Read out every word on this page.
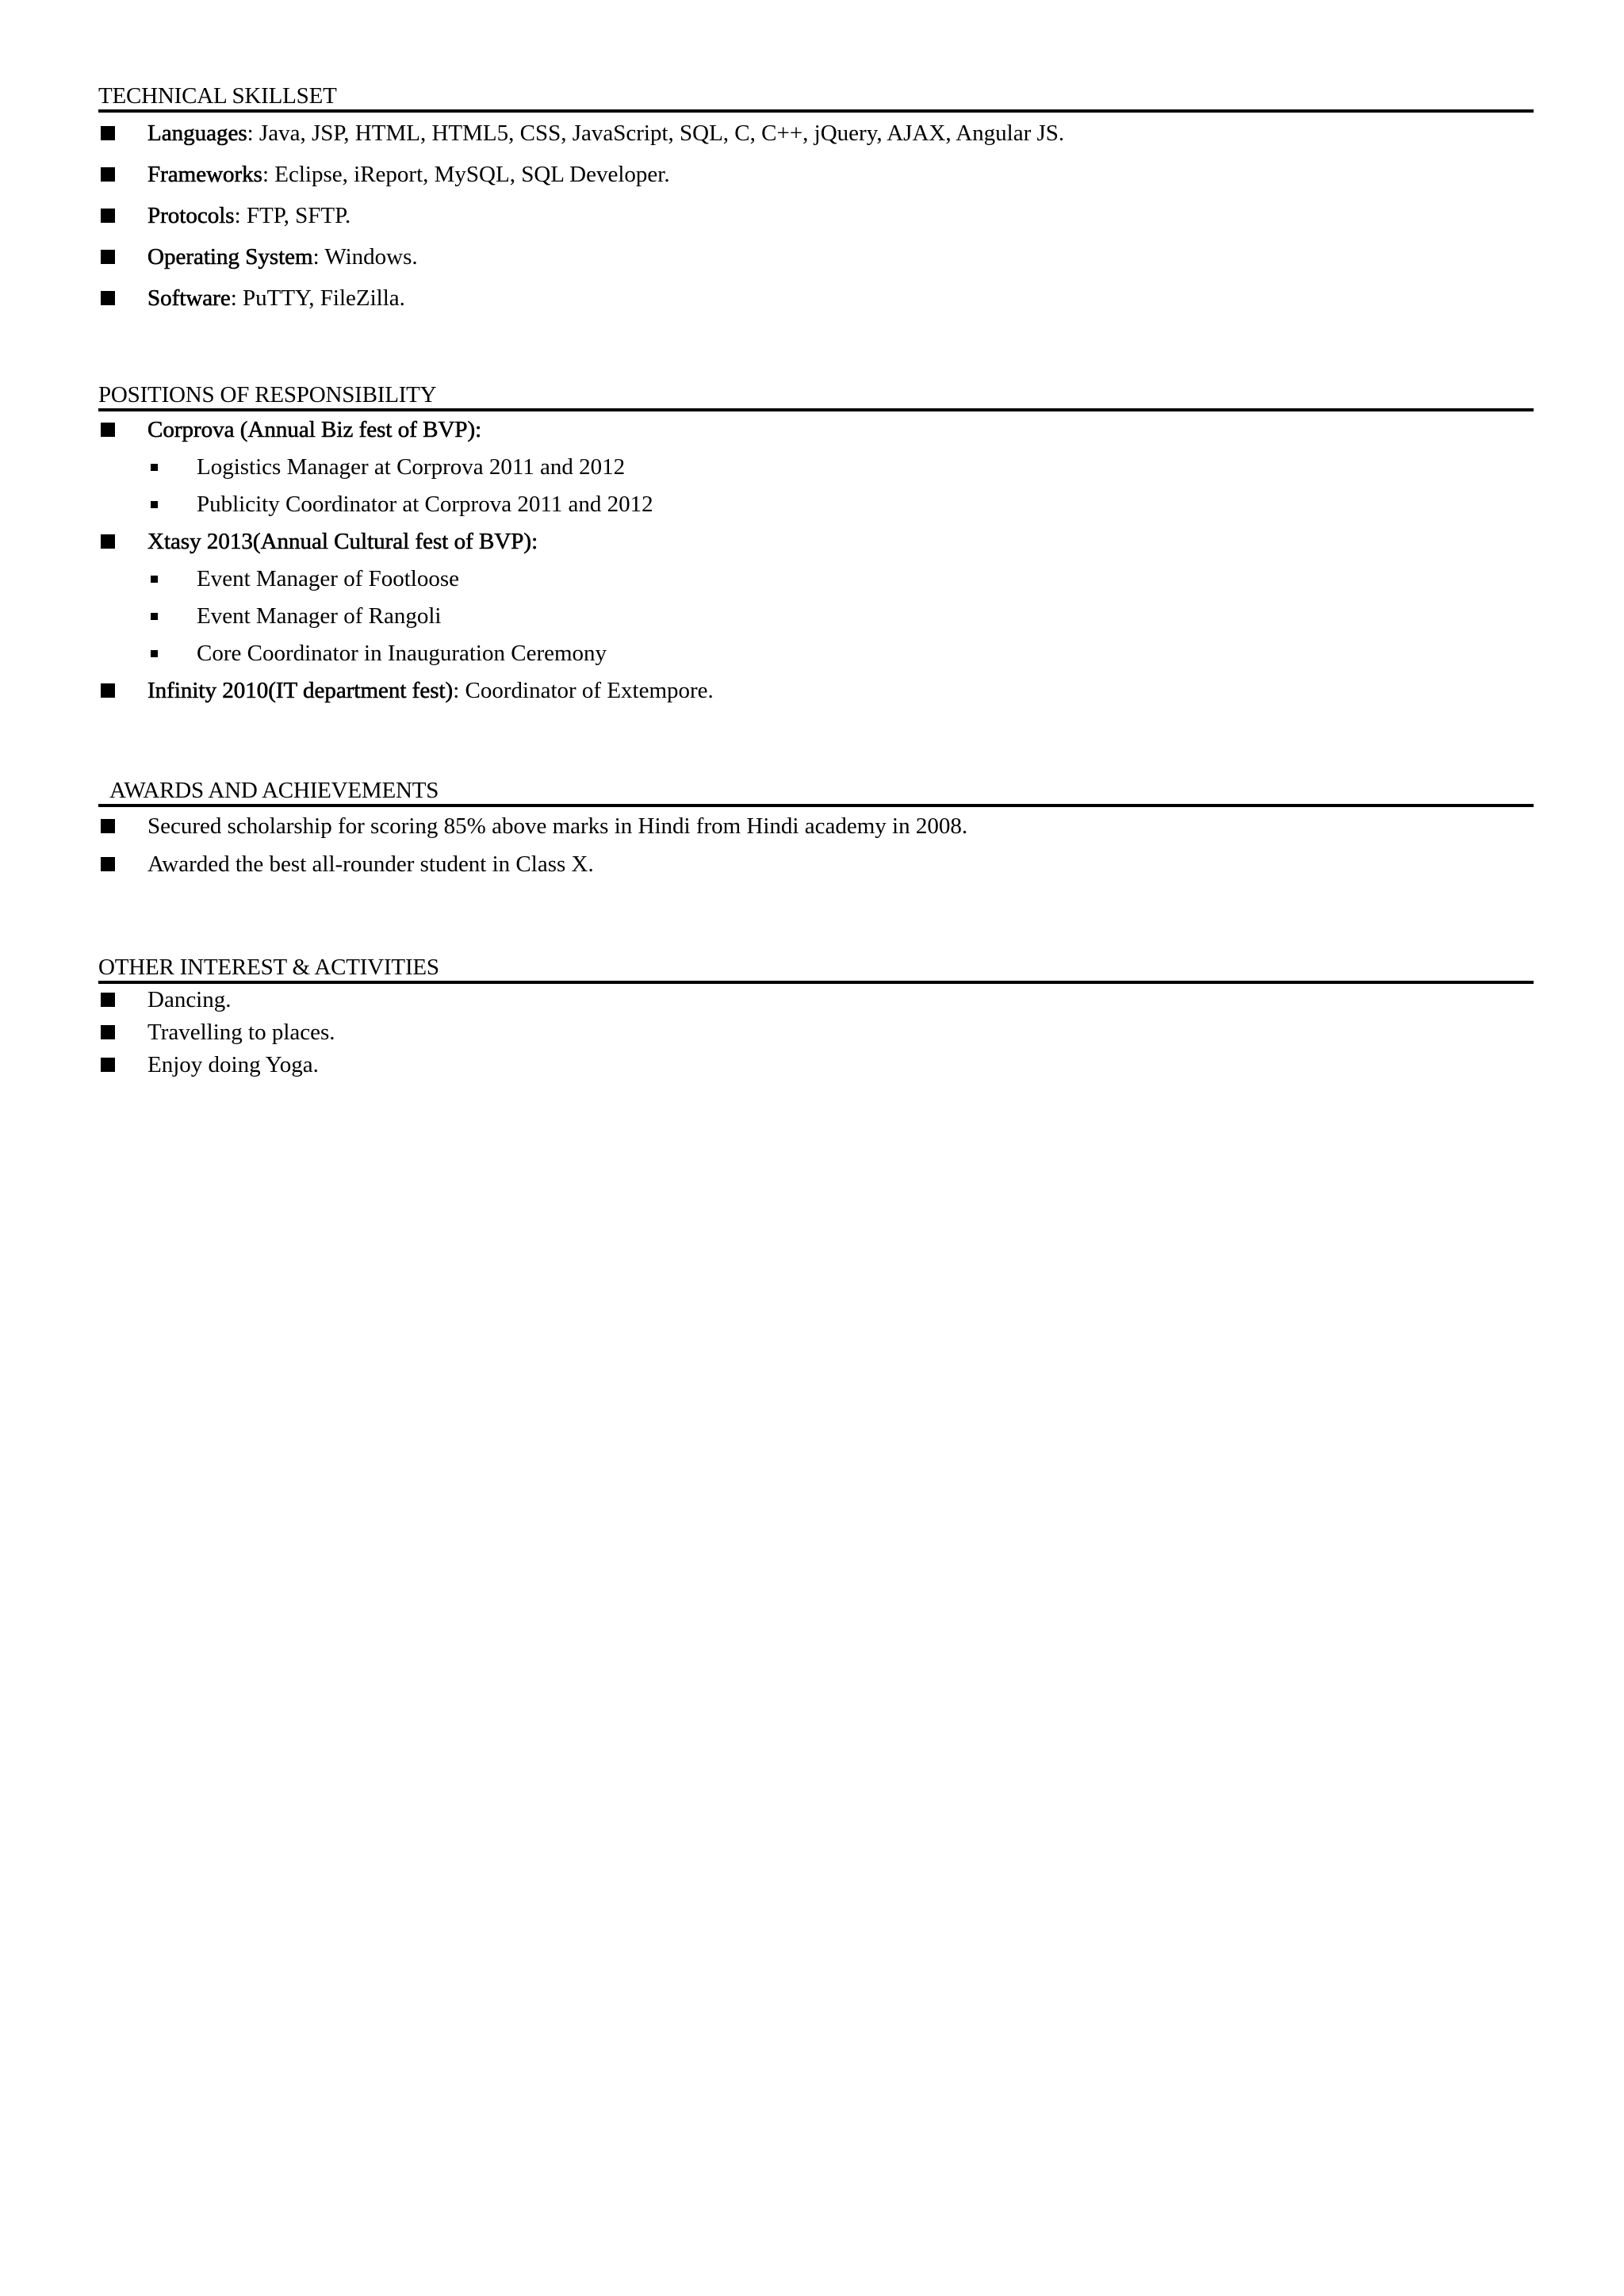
TECHNICAL SKILLSET
Languages: Java, JSP, HTML, HTML5, CSS, JavaScript, SQL, C, C++, jQuery, AJAX, Angular JS.
Frameworks: Eclipse, iReport, MySQL, SQL Developer.
Protocols: FTP, SFTP.
Operating System: Windows.
Software: PuTTY, FileZilla.
POSITIONS OF RESPONSIBILITY
Corprova (Annual Biz fest of BVP):
Logistics Manager at Corprova 2011 and 2012
Publicity Coordinator at Corprova 2011 and 2012
Xtasy 2013(Annual Cultural fest of BVP):
Event Manager of Footloose
Event Manager of Rangoli
Core Coordinator in Inauguration Ceremony
Infinity 2010(IT department fest): Coordinator of Extempore.
AWARDS AND ACHIEVEMENTS
Secured scholarship for scoring 85% above marks in Hindi from Hindi academy in 2008.
Awarded the best all-rounder student in Class X.
OTHER INTEREST & ACTIVITIES
Dancing.
Travelling to places.
Enjoy doing Yoga.
